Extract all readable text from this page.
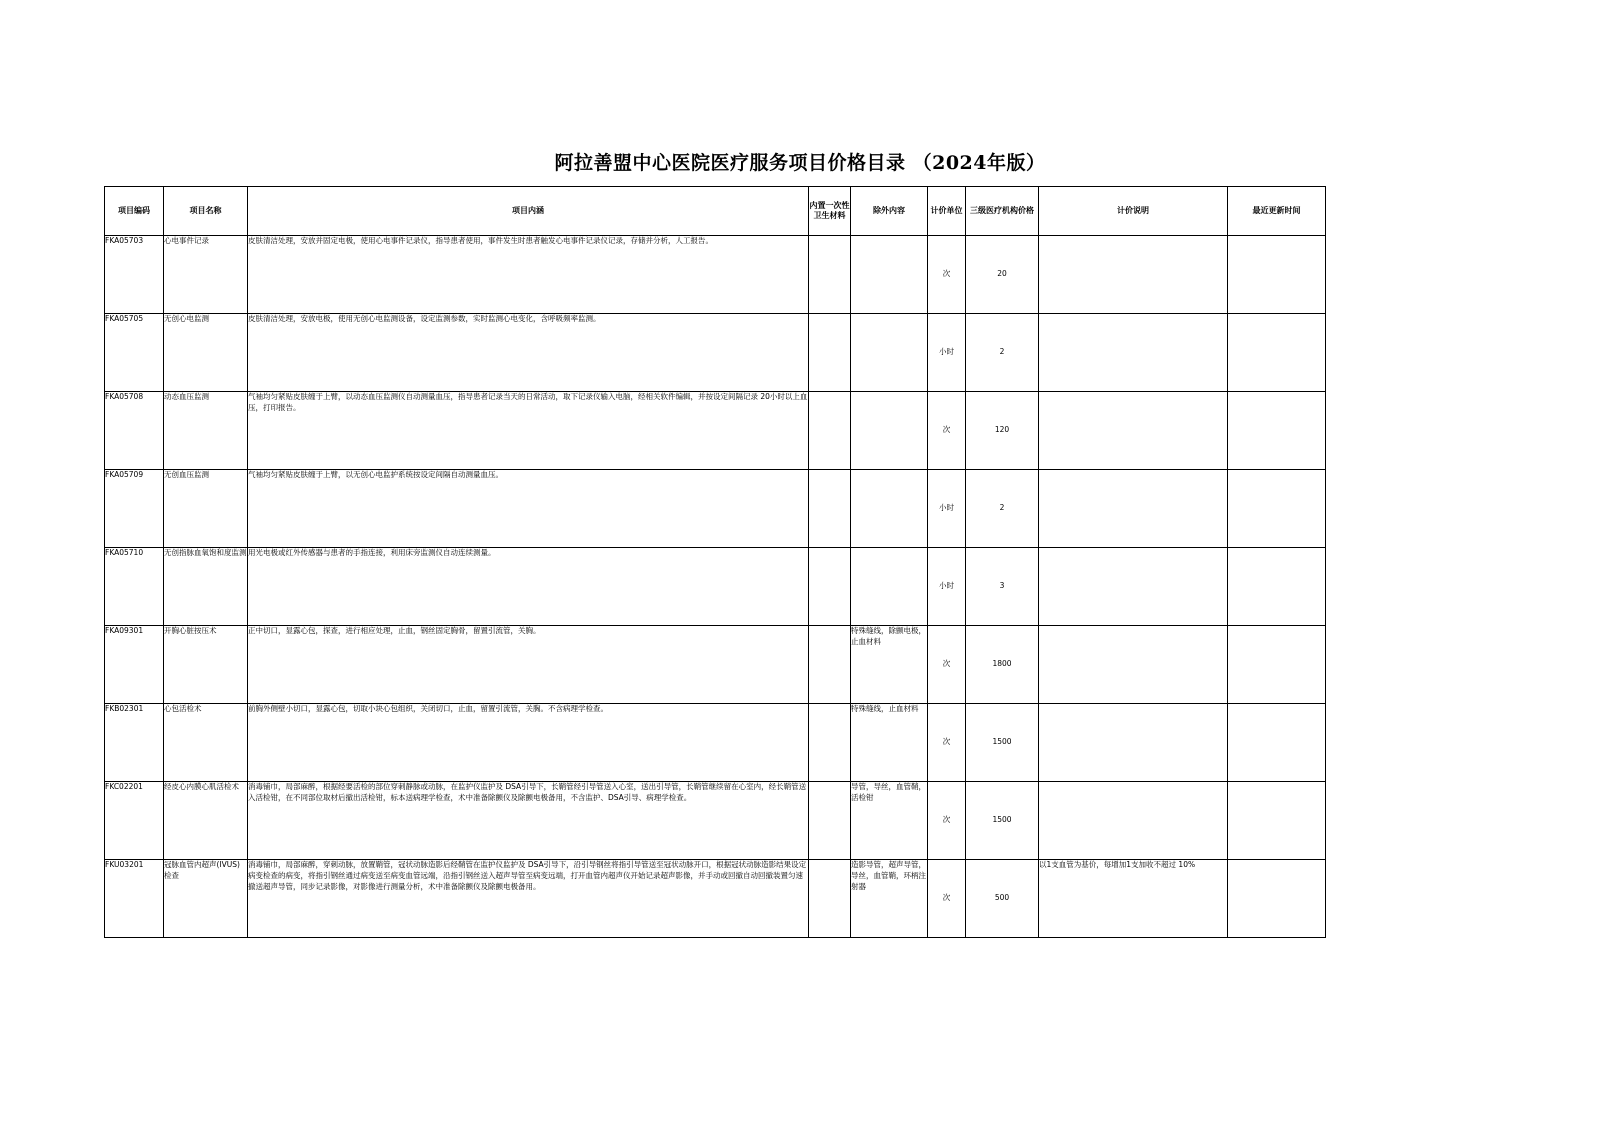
阿拉善盟中心医院医疗服务项目价格目录 （2024年版）
项目编码	项目名称	项目内涵	内置一次性卫生材料	除外内容	计价单位	三级医疗机构价格	计价说明	最近更新时间
FKA05703	心电事件记录	皮肤清洁处理，安放并固定电极，使用心电事件记录仪，指导患者使用，事件发生时患者触发心电事件记录仪记录，存储并分析，人工报告。			次	20		
FKA05705	无创心电监测	皮肤清洁处理，安放电极，使用无创心电监测设备，设定监测参数，实时监测心电变化，含呼吸频率监测。			小时	2		
FKA05708	动态血压监测	气袖均匀紧贴皮肤缠于上臂，以动态血压监测仪自动测量血压，指导患者记录当天的日常活动，取下记录仪输入电脑，经相关软件编辑，并按设定间隔记录 20小时以上血压，打印报告。			次	120		
FKA05709	无创血压监测	气袖均匀紧贴皮肤缠于上臂，以无创心电监护系统按设定间隔自动测量血压。			小时	2		
FKA05710	无创指脉血氧饱和度监测	用光电极或红外传感器与患者的手指连接，利用床旁监测仪自动连续测量。			小时	3		
FKA09301	开胸心脏按压术	正中切口，显露心包，探查，进行相应处理，止血，钢丝固定胸骨，留置引流管，关胸。		特殊缝线，除颤电极，止血材料	次	1800		
FKB02301	心包活检术	前胸外侧壁小切口，显露心包，切取小块心包组织，关闭切口，止血，留置引流管，关胸。不含病理学检查。		特殊缝线，止血材料	次	1500		
FKC02201	经皮心内膜心肌活检术	消毒铺巾，局部麻醉，根据经要活检的部位穿刺静脉或动脉，在监护仪监护及 DSA引导下，长鞘管经引导管送入心室，送出引导管，长鞘管继续留在心室内，经长鞘管送入活检钳，在不同部位取材后撤出活检钳，标本送病理学检查，术中准备除颤仪及除颤电极备用，不含监护、DSA引导、病理学检查。		导管，导丝，血管鞘，活检钳	次	1500		
FKU03201	冠脉血管内超声(IVUS)检查	消毒铺巾，局部麻醉，穿刺动脉，放置鞘管，冠状动脉造影后经鞘管在监护仪监护及 DSA引导下，沿引导钢丝将指引导管送至冠状动脉开口，根据冠状动脉造影结果设定病变检查的病变，将指引钢丝通过病变送至病变血管远端，沿指引钢丝送入超声导管至病变远端，打开血管内超声仪开始记录超声影像，并手动或回撤自动回撤装置匀速撤送超声导管，同步记录影像，对影像进行测量分析，术中准备除颤仪及除颤电极备用。		造影导管，超声导管，导丝，血管鞘，环柄注射器	次	500	以1支血管为基价，每增加1支加收不超过 10%	
